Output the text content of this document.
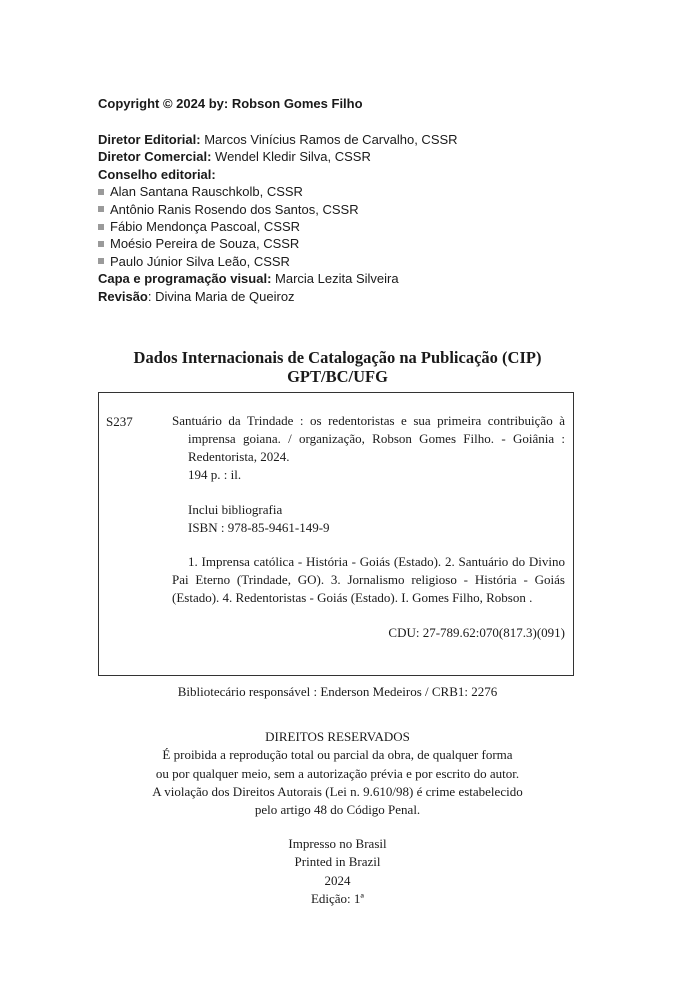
Copyright © 2024 by: Robson Gomes Filho
Diretor Editorial: Marcos Vinícius Ramos de Carvalho, CSSR
Diretor Comercial: Wendel Kledir Silva, CSSR
Conselho editorial:
Alan Santana Rauschkolb, CSSR
Antônio Ranis Rosendo dos Santos, CSSR
Fábio Mendonça Pascoal, CSSR
Moésio Pereira de Souza, CSSR
Paulo Júnior Silva Leão, CSSR
Capa e programação visual: Marcia Lezita Silveira
Revisão: Divina Maria de Queiroz
Dados Internacionais de Catalogação na Publicação (CIP)
GPT/BC/UFG
S237	Santuário da Trindade : os redentoristas e sua primeira contribuição à imprensa goiana. / organização, Robson Gomes Filho. - Goiânia : Redentorista, 2024.
194 p. : il.
Inclui bibliografia
ISBN : 978-85-9461-149-9
1. Imprensa católica - História - Goiás (Estado). 2. Santuário do Divino Pai Eterno (Trindade, GO). 3. Jornalismo religioso - História - Goiás (Estado). 4. Redentoristas - Goiás (Estado). I. Gomes Filho, Robson .
CDU: 27-789.62:070(817.3)(091)
Bibliotecário responsável : Enderson Medeiros / CRB1: 2276
DIREITOS RESERVADOS
É proibida a reprodução total ou parcial da obra, de qualquer forma
ou por qualquer meio, sem a autorização prévia e por escrito do autor.
A violação dos Direitos Autorais (Lei n. 9.610/98) é crime estabelecido
pelo artigo 48 do Código Penal.
Impresso no Brasil
Printed in Brazil
2024
Edição: 1ª
